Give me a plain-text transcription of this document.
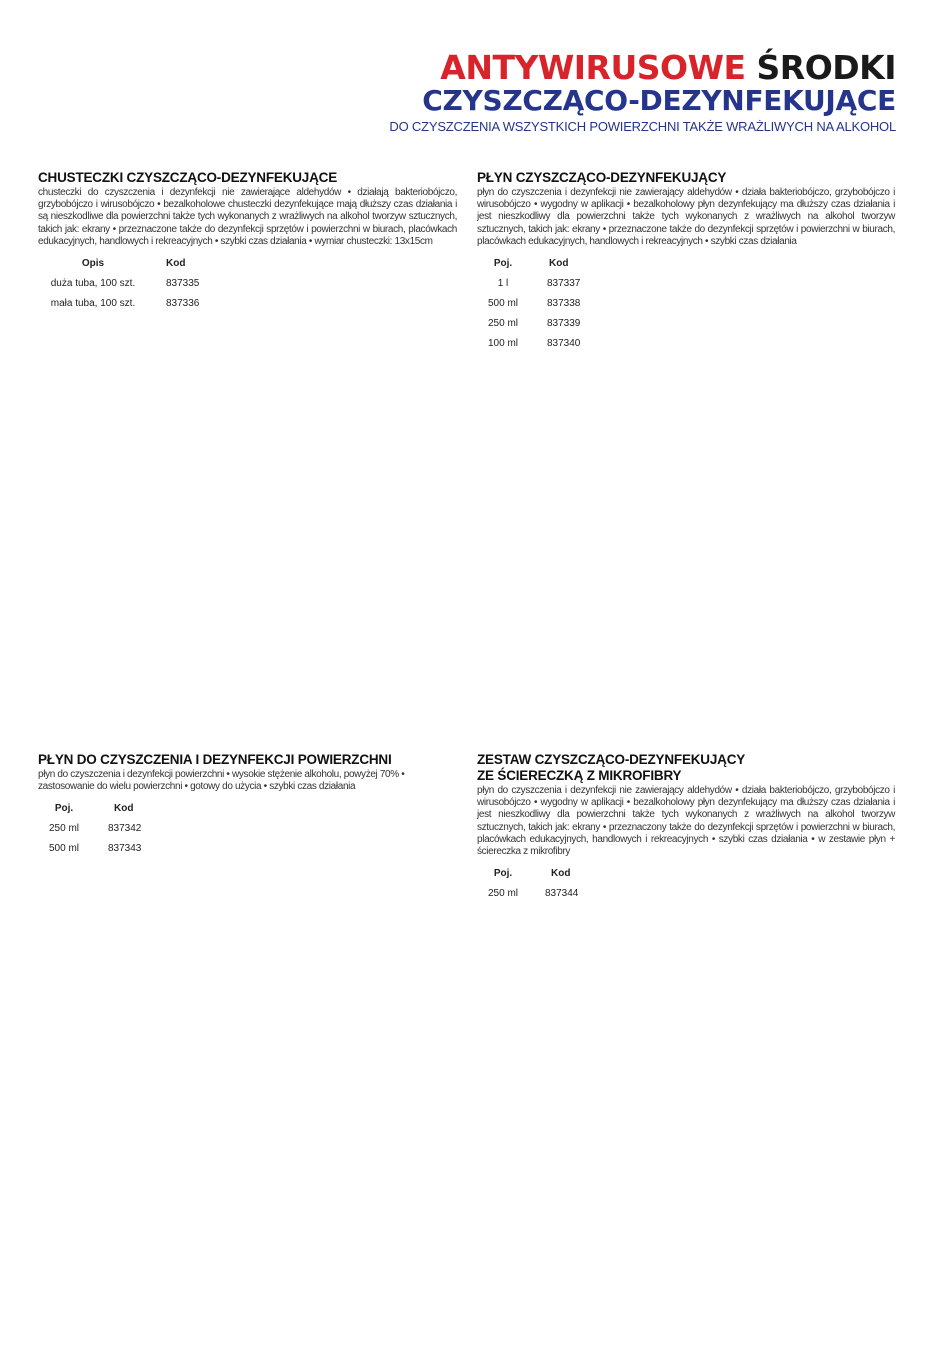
ANTYWIRUSOWE ŚRODKI
CZYSZCZĄCO-DEZYNFEKUJĄCE
DO CZYSZCZENIA WSZYSTKICH POWIERZCHNI TAKŻE WRAŻLIWYCH NA ALKOHOL
CHUSTECZKI CZYSZCZĄCO-DEZYNFEKUJĄCE
chusteczki do czyszczenia i dezynfekcji nie zawierające aldehydów • działają bakteriobójczo, grzybobójczo i wirusobójczo • bezalkoholowe chusteczki dezynfekujące mają dłuższy czas działania i są nieszkodliwe dla powierzchni także tych wykonanych z wrażliwych na alkohol tworzyw sztucznych, takich jak: ekrany • przeznaczone także do dezynfekcji sprzętów i powierzchni w biurach, placówkach edukacyjnych, handlowych i rekreacyjnych • szybki czas działania • wymiar chusteczki: 13x15cm
Opis	Kod
duża tuba, 100 szt.	837335
mała tuba, 100 szt.	837336
PŁYN CZYSZCZĄCO-DEZYNFEKUJĄCY
płyn do czyszczenia i dezynfekcji nie zawierający aldehydów • działa bakteriobójczo, grzybobójczo i wirusobójczo • wygodny w aplikacji • bezalkoholowy płyn dezynfekujący ma dłuższy czas działania i jest nieszkodliwy dla powierzchni także tych wykonanych z wrażliwych na alkohol tworzyw sztucznych, takich jak: ekrany • przeznaczone także do dezynfekcji sprzętów i powierzchni w biurach, placówkach edukacyjnych, handlowych i rekreacyjnych • szybki czas działania
Poj.	Kod
1 l	837337
500 ml	837338
250 ml	837339
100 ml	837340
PŁYN DO CZYSZCZENIA I DEZYNFEKCJI POWIERZCHNI
płyn do czyszczenia i dezynfekcji powierzchni • wysokie stężenie alkoholu, powyżej 70% • zastosowanie do wielu powierzchni • gotowy do użycia • szybki czas działania
Poj.	Kod
250 ml	837342
500 ml	837343
ZESTAW CZYSZCZĄCO-DEZYNFEKUJĄCY
ZE ŚCIERECZKĄ Z MIKROFIBRY
płyn do czyszczenia i dezynfekcji nie zawierający aldehydów • działa bakteriobójczo, grzybobójczo i wirusobójczo • wygodny w aplikacji • bezalkoholowy płyn dezynfekujący ma dłuższy czas działania i jest nieszkodliwy dla powierzchni także tych wykonanych z wrażliwych na alkohol tworzyw sztucznych, takich jak: ekrany • przeznaczony także do dezynfekcji sprzętów i powierzchni w biurach, placówkach edukacyjnych, handlowych i rekreacyjnych • szybki czas działania • w zestawie płyn + ściereczka z mikrofibry
Poj.	Kod
250 ml	837344
